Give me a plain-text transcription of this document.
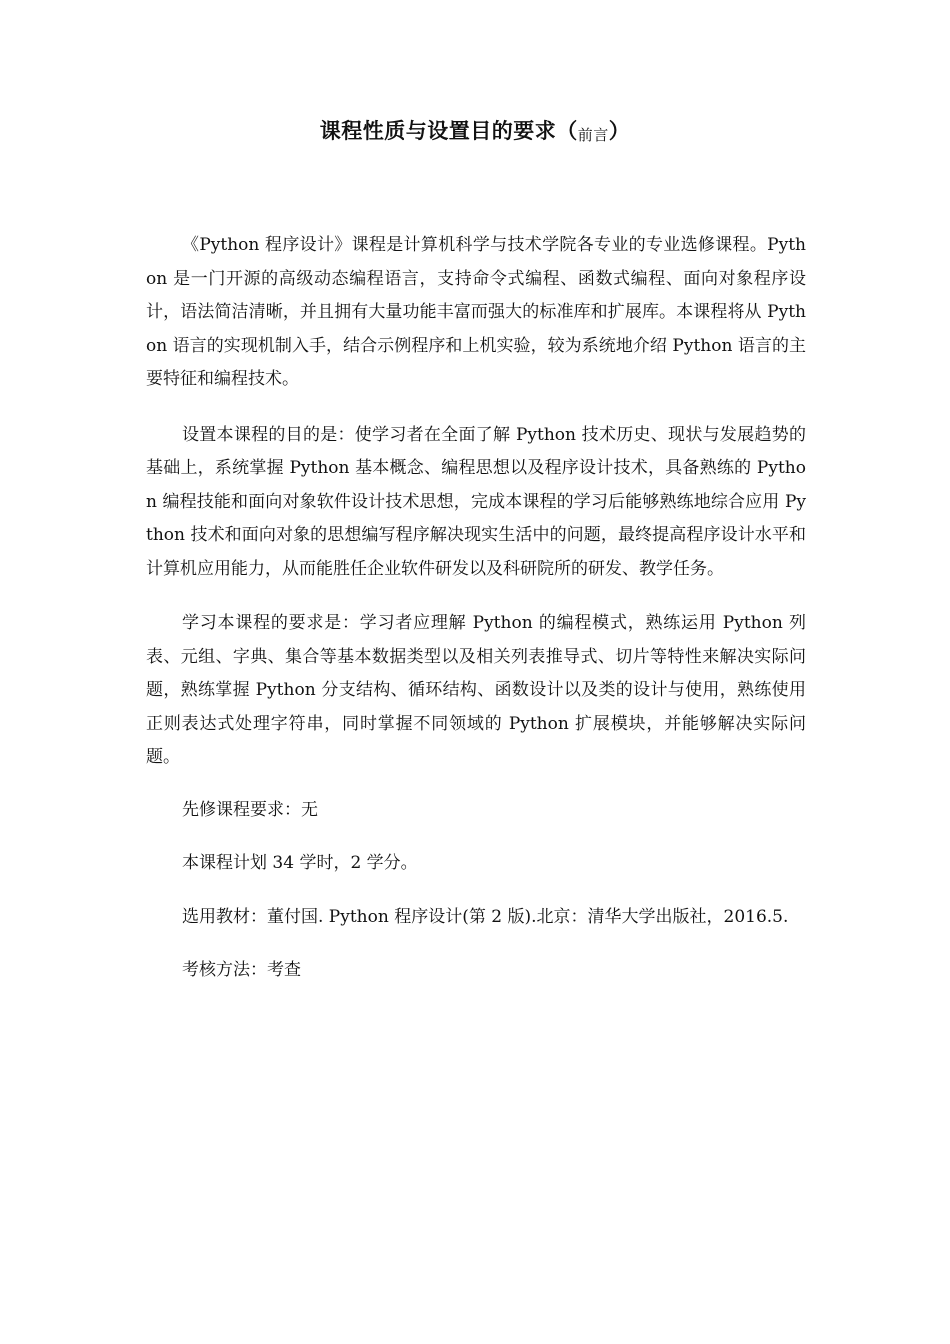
课程性质与设置目的要求（前言）

《Python 程序设计》课程是计算机科学与技术学院各专业的专业选修课程。Python 是一门开源的高级动态编程语言，支持命令式编程、函数式编程、面向对象程序设计，语法简洁清晰，并且拥有大量功能丰富而强大的标准库和扩展库。本课程将从 Python 语言的实现机制入手，结合示例程序和上机实验，较为系统地介绍 Python 语言的主要特征和编程技术。

设置本课程的目的是：使学习者在全面了解 Python 技术历史、现状与发展趋势的基础上，系统掌握 Python 基本概念、编程思想以及程序设计技术，具备熟练的 Python 编程技能和面向对象软件设计技术思想，完成本课程的学习后能够熟练地综合应用 Python 技术和面向对象的思想编写程序解决现实生活中的问题，最终提高程序设计水平和计算机应用能力，从而能胜任企业软件研发以及科研院所的研发、教学任务。

学习本课程的要求是：学习者应理解 Python 的编程模式，熟练运用 Python 列表、元组、字典、集合等基本数据类型以及相关列表推导式、切片等特性来解决实际问题，熟练掌握 Python 分支结构、循环结构、函数设计以及类的设计与使用，熟练使用正则表达式处理字符串，同时掌握不同领域的 Python 扩展模块，并能够解决实际问题。

先修课程要求：无

本课程计划 34 学时，2 学分。

选用教材：董付国. Python 程序设计(第 2 版).北京：清华大学出版社，2016.5.

考核方法：考查
